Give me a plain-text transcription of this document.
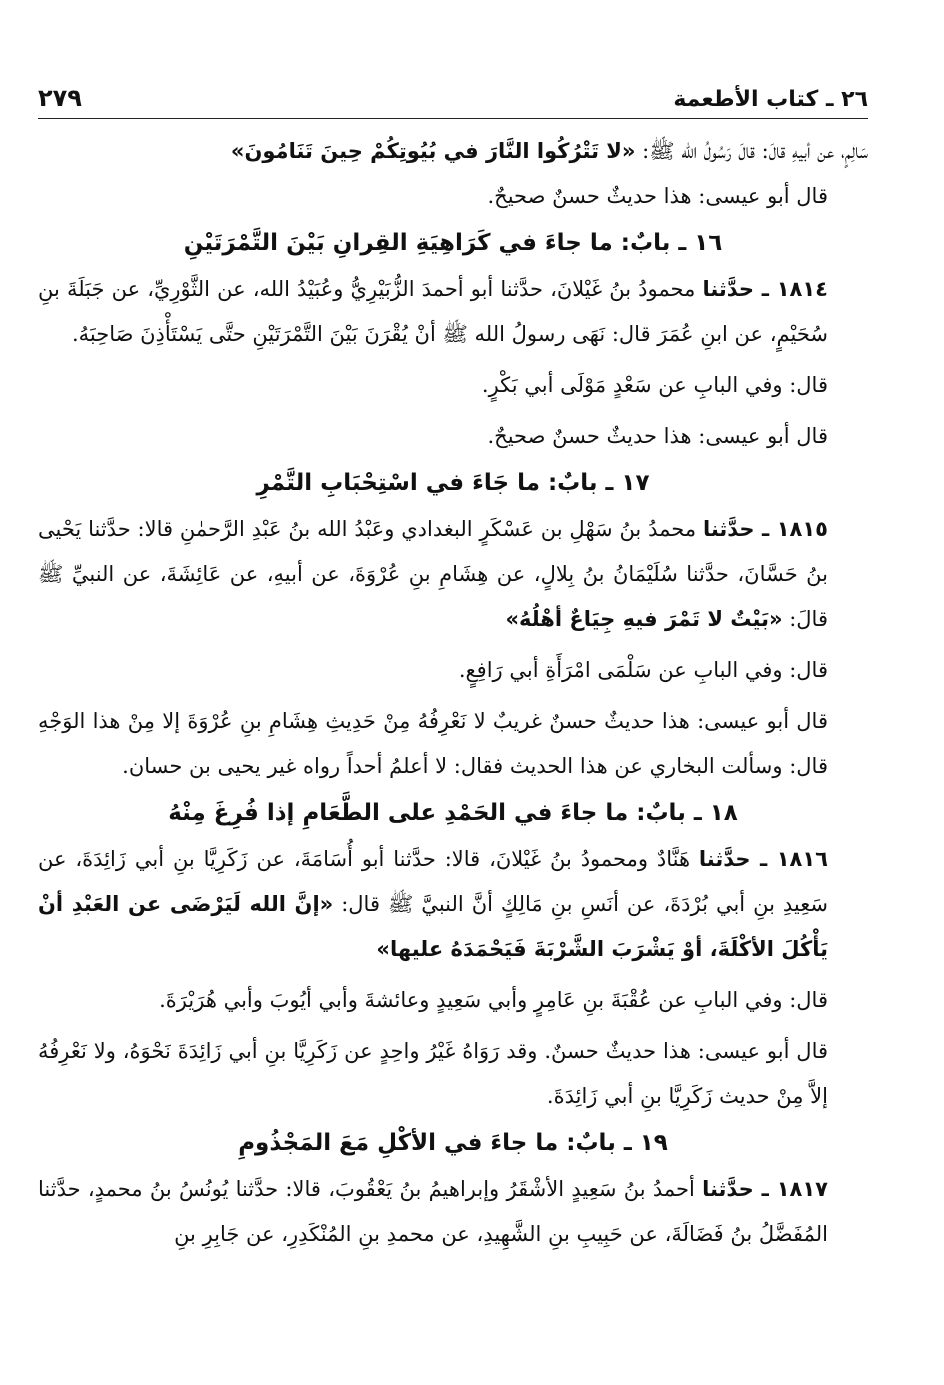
٢٦ ـ كتاب الأطعمة
٢٧٩

سَالِمٍ، عن أبيهِ قالَ: قالَ رَسُولُ الله ﷺ: «لا تَتْرُكُوا النَّارَ في بُيُوتِكُمْ حِينَ تَنَامُونَ»

قال أبو عيسى: هذا حديثٌ حسنٌ صحيحٌ.

١٦ ـ بابٌ: ما جاءَ في كَرَاهِيَةِ القِرانِ بَيْنَ التَّمْرَتَيْنِ

١٨١٤ ـ حدَّثنا محمودُ بنُ غَيْلانَ، حدَّثنا أبو أحمدَ الزُّبَيْرِيُّ وعُبَيْدُ الله، عن الثَّوْرِيِّ، عن جَبَلَةَ بنِ سُحَيْمٍ، عن ابنِ عُمَرَ قال: نَهَى رسولُ الله ﷺ أنْ يُقْرَنَ بَيْنَ التَّمْرَتَيْنِ حتَّى يَسْتَأْذِنَ صَاحِبَهُ.

قال: وفي البابِ عن سَعْدٍ مَوْلَى أبي بَكْرٍ.

قال أبو عيسى: هذا حديثٌ حسنٌ صحيحٌ.

١٧ ـ بابٌ: ما جَاءَ في اسْتِحْبَابِ التَّمْرِ

١٨١٥ ـ حدَّثنا محمدُ بنُ سَهْلِ بن عَسْكَرٍ البغدادي وعَبْدُ الله بنُ عَبْدِ الرَّحمٰنِ قالا: حدَّثنا يَحْيى بنُ حَسَّانَ، حدَّثنا سُلَيْمَانُ بنُ بِلالٍ، عن هِشَامِ بنِ عُرْوَةَ، عن أبيهِ، عن عَائِشَةَ، عن النبيِّ ﷺ قالَ: «بَيْتٌ لا تَمْرَ فيهِ جِيَاعٌ أهْلُهُ»

قال: وفي البابِ عن سَلْمَى امْرَأَةِ أبي رَافِعٍ.

قال أبو عيسى: هذا حديثٌ حسنٌ غريبٌ لا نَعْرِفُهُ مِنْ حَدِيثِ هِشَامِ بنِ عُرْوَةَ إلا مِنْ هذا الوَجْهِ قال: وسألت البخاري عن هذا الحديث فقال: لا أعلمُ أحداً رواه غير يحيى بن حسان.

١٨ ـ بابٌ: ما جاءَ في الحَمْدِ على الطَّعَامِ إذا فُرِغَ مِنْهُ

١٨١٦ ـ حدَّثنا هَنَّادٌ ومحمودُ بنُ غَيْلانَ، قالا: حدَّثنا أبو أُسَامَةَ، عن زَكَرِيَّا بنِ أبي زَائِدَةَ، عن سَعِيدِ بنِ أبي بُرْدَةَ، عن أنَسِ بنِ مَالِكٍ أنَّ النبيَّ ﷺ قال: «إنَّ الله لَيَرْضَى عن العَبْدِ أنْ يَأْكُلَ الأكْلَةَ، أوْ يَشْرَبَ الشَّرْبَةَ فَيَحْمَدَهُ عليها»

قال: وفي البابِ عن عُقْبَةَ بنِ عَامِرٍ وأبي سَعِيدٍ وعائشةَ وأبي أيُوبَ وأبي هُرَيْرَةَ.

قال أبو عيسى: هذا حديثٌ حسنٌ. وقد رَوَاهُ غَيْرُ واحِدٍ عن زَكَرِيَّا بنِ أبي زَائِدَةَ نَحْوَهُ، ولا نَعْرِفُهُ إلاَّ مِنْ حديث زَكَرِيَّا بنِ أبي زَائِدَةَ.

١٩ ـ بابٌ: ما جاءَ في الأكْلِ مَعَ المَجْذُومِ

١٨١٧ ـ حدَّثنا أحمدُ بنُ سَعِيدٍ الأشْقَرُ وإبراهيمُ بنُ يَعْقُوبَ، قالا: حدَّثنا يُونُسُ بنُ محمدٍ، حدَّثنا المُفَضَّلُ بنُ فَضَالَةَ، عن حَبِيبِ بنِ الشَّهِيدِ، عن محمدِ بنِ المُنْكَدِرِ، عن جَابِرِ بنِ
